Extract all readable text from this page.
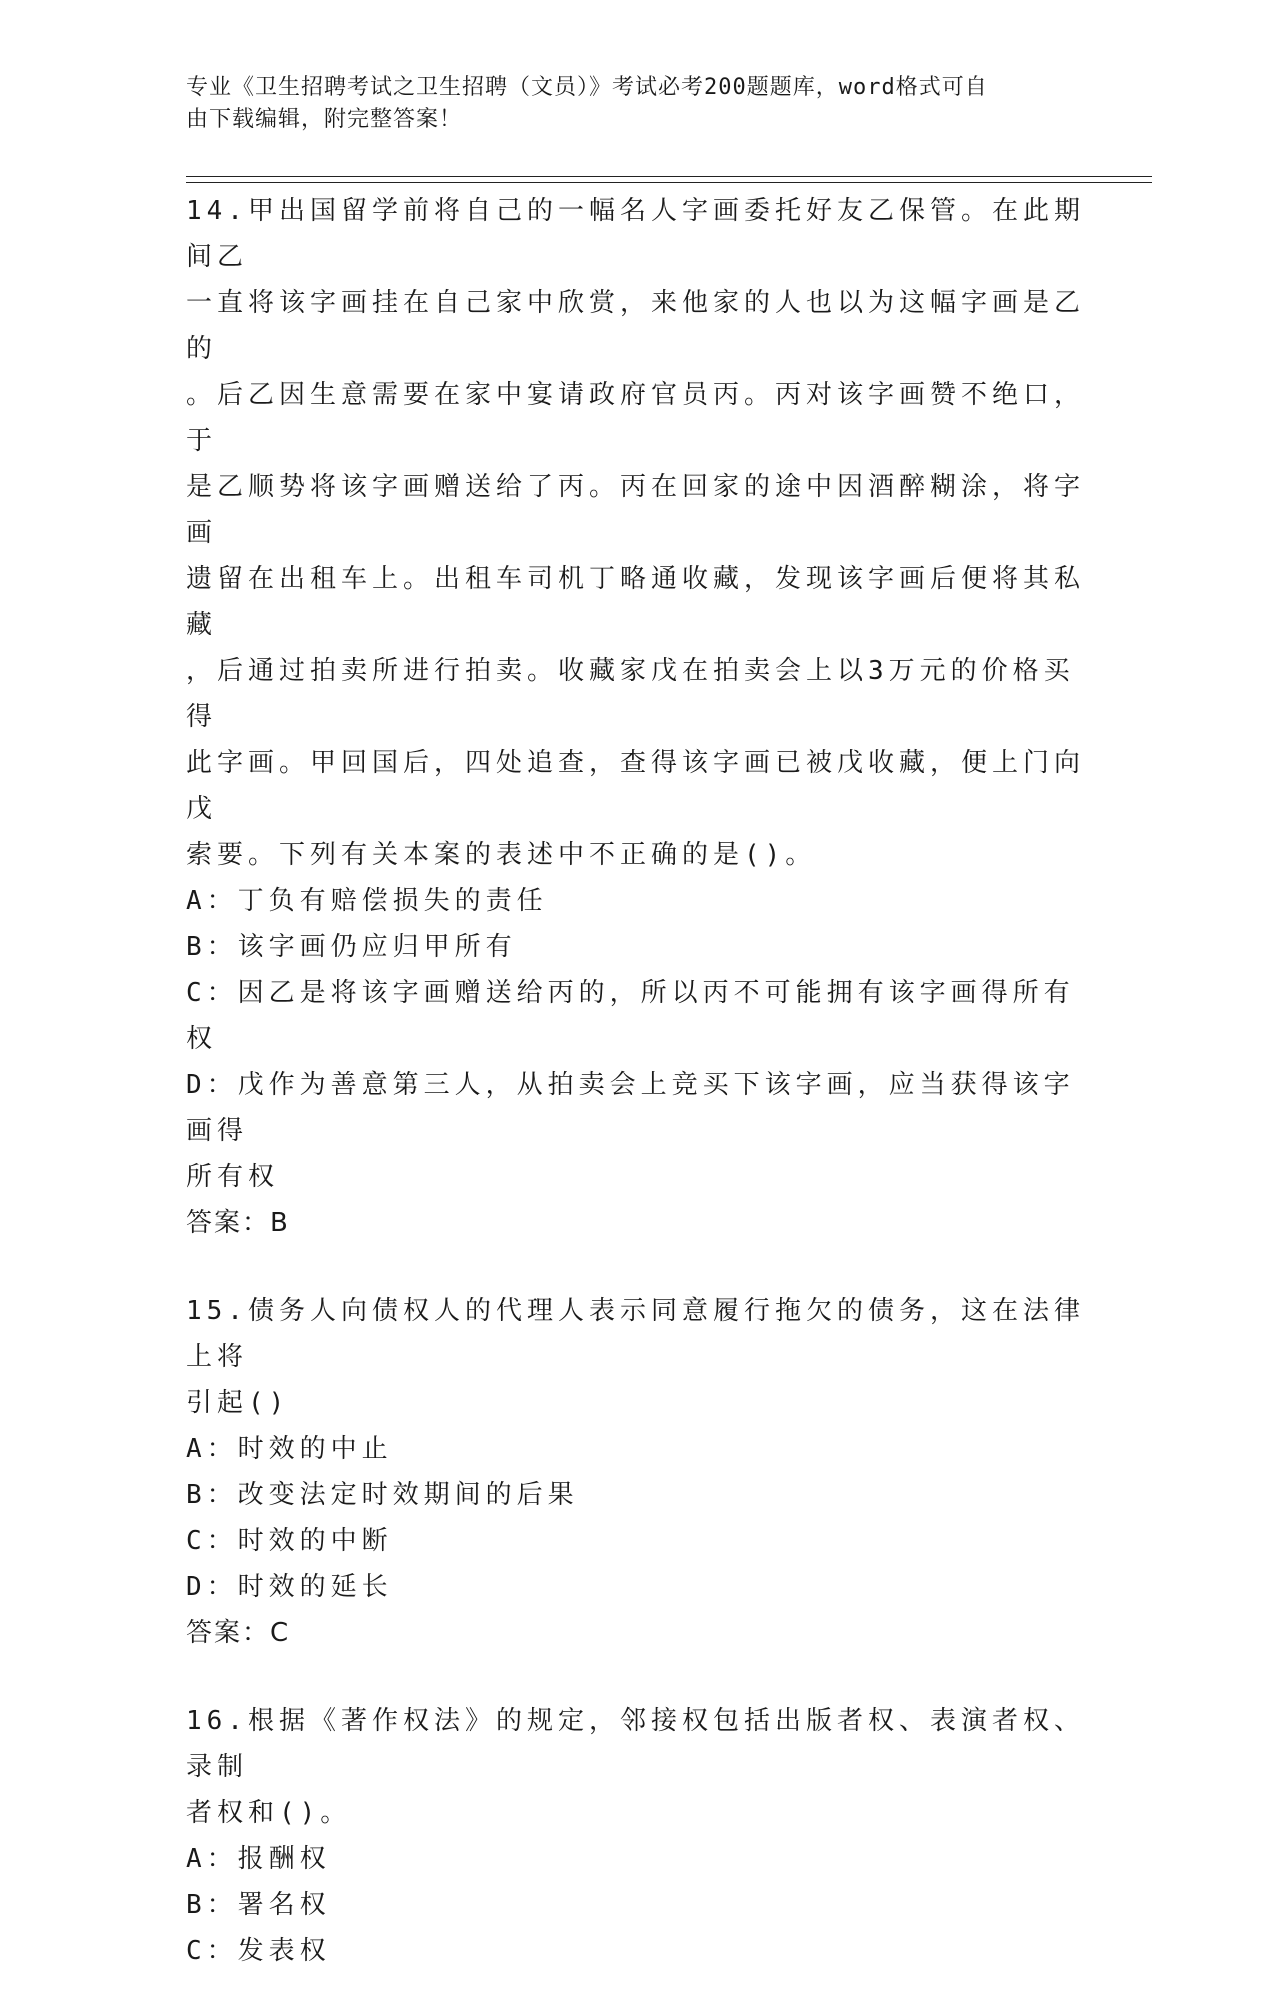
专业《卫生招聘考试之卫生招聘（文员）》考试必考200题题库，word格式可自
由下载编辑，附完整答案！
14.甲出国留学前将自己的一幅名人字画委托好友乙保管。在此期间乙
一直将该字画挂在自己家中欣赏，来他家的人也以为这幅字画是乙的
。后乙因生意需要在家中宴请政府官员丙。丙对该字画赞不绝口，于
是乙顺势将该字画赠送给了丙。丙在回家的途中因酒醉糊涂，将字画
遗留在出租车上。出租车司机丁略通收藏，发现该字画后便将其私藏
，后通过拍卖所进行拍卖。收藏家戊在拍卖会上以3万元的价格买得
此字画。甲回国后，四处追查，查得该字画已被戊收藏，便上门向戊
索要。下列有关本案的表述中不正确的是()。
A：丁负有赔偿损失的责任
B：该字画仍应归甲所有
C：因乙是将该字画赠送给丙的，所以丙不可能拥有该字画得所有权
D：戊作为善意第三人，从拍卖会上竞买下该字画，应当获得该字画得
所有权
答案：B
15.债务人向债权人的代理人表示同意履行拖欠的债务，这在法律上将
引起()
A：时效的中止
B：改变法定时效期间的后果
C：时效的中断
D：时效的延长
答案：C
16.根据《著作权法》的规定，邻接权包括出版者权、表演者权、录制
者权和()。
A：报酬权
B：署名权
C：发表权
